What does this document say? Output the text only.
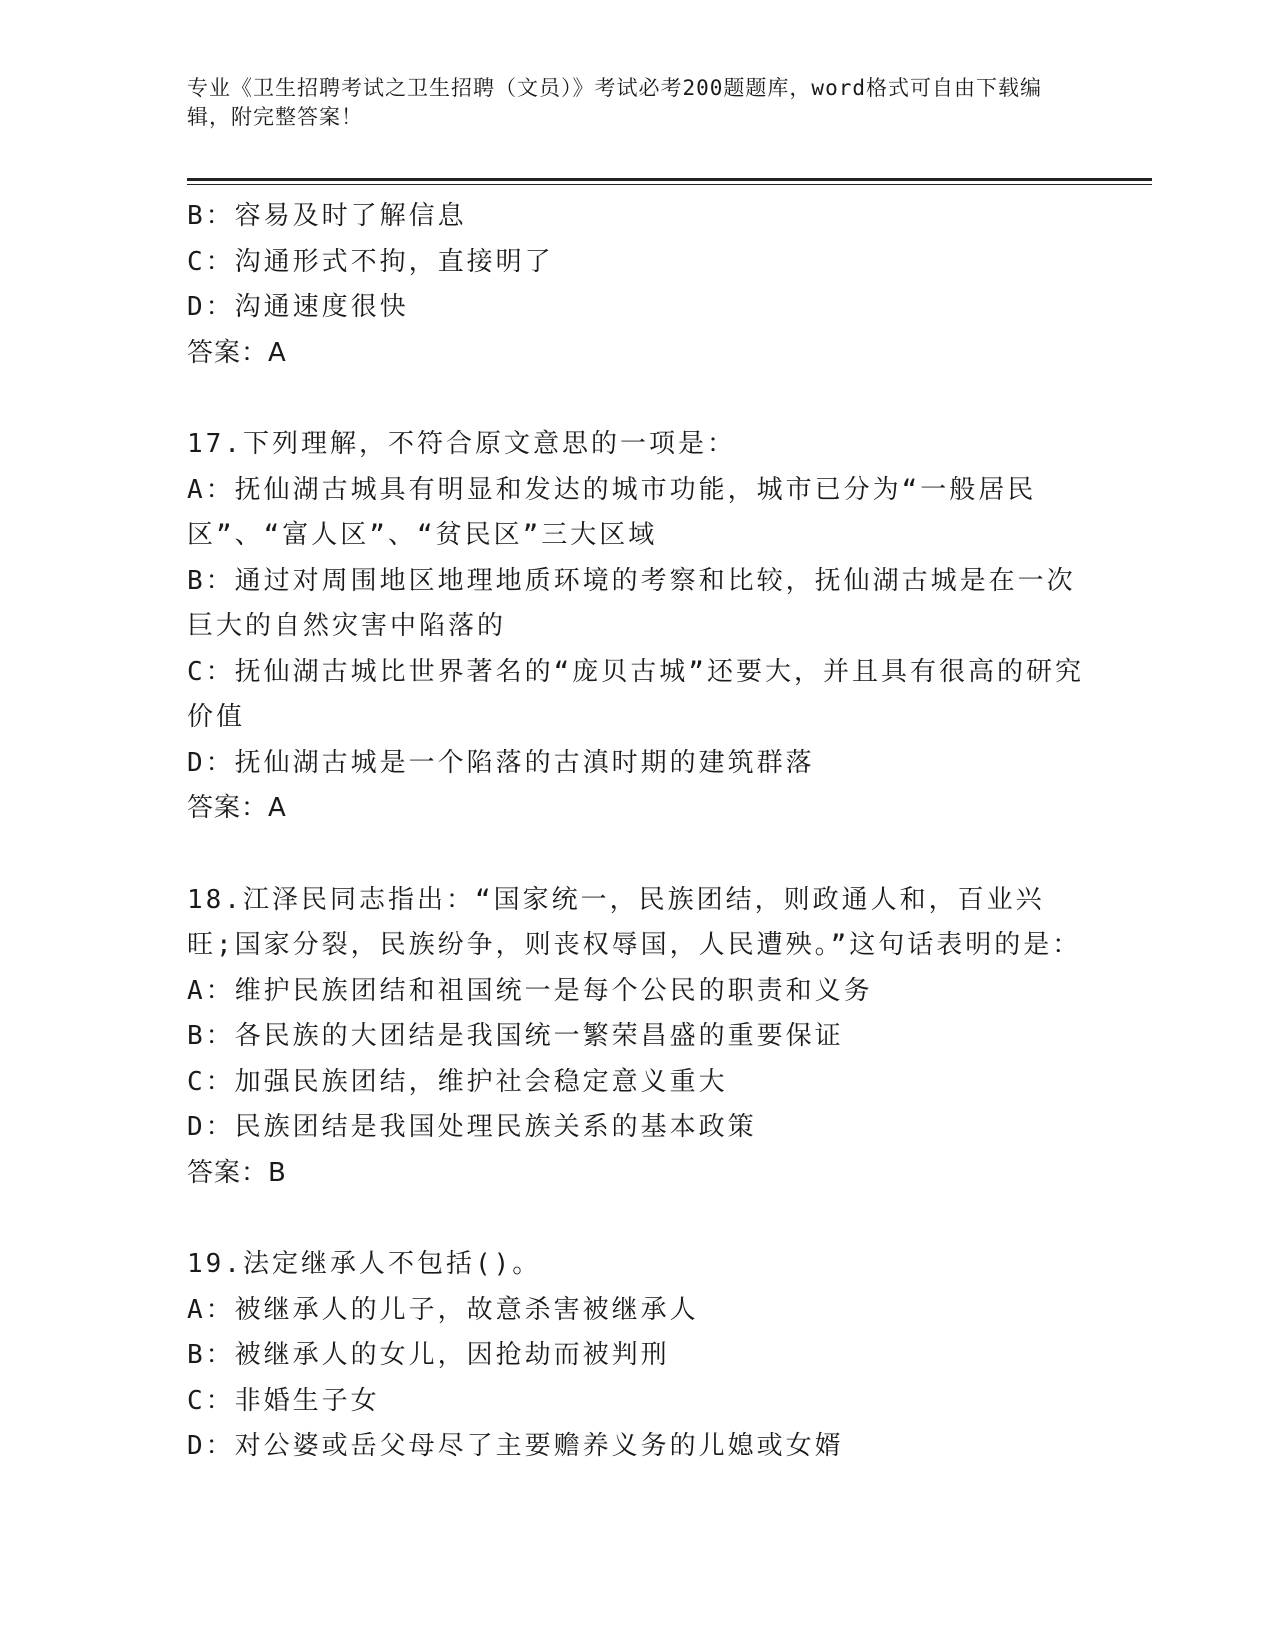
专业《卫生招聘考试之卫生招聘（文员）》考试必考200题题库，word格式可自由下载编辑，附完整答案！

B：容易及时了解信息

C：沟通形式不拘，直接明了

D：沟通速度很快

答案：A

17.下列理解，不符合原文意思的一项是：

A：抚仙湖古城具有明显和发达的城市功能，城市已分为“一般居民区”、“富人区”、“贫民区”三大区域

B：通过对周围地区地理地质环境的考察和比较，抚仙湖古城是在一次巨大的自然灾害中陷落的

C：抚仙湖古城比世界著名的“庞贝古城”还要大，并且具有很高的研究价值

D：抚仙湖古城是一个陷落的古滇时期的建筑群落

答案：A

18.江泽民同志指出：“国家统一，民族团结，则政通人和，百业兴旺;国家分裂，民族纷争，则丧权辱国，人民遭殃。”这句话表明的是：

A：维护民族团结和祖国统一是每个公民的职责和义务

B：各民族的大团结是我国统一繁荣昌盛的重要保证

C：加强民族团结，维护社会稳定意义重大

D：民族团结是我国处理民族关系的基本政策

答案：B

19.法定继承人不包括()。

A：被继承人的儿子，故意杀害被继承人

B：被继承人的女儿，因抢劫而被判刑

C：非婚生子女

D：对公婆或岳父母尽了主要赡养义务的儿媳或女婿
